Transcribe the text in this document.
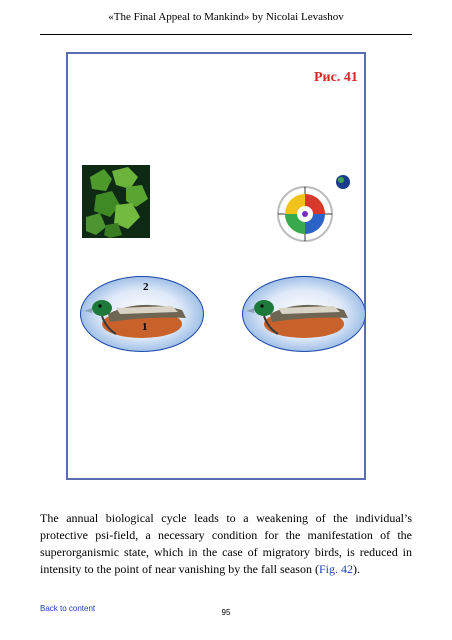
«The Final Appeal to Mankind» by Nicolai Levashov
Рис. 41
2
1

The annual biological cycle leads to a weakening of the individual’s protective psi-field, a necessary condition for the manifestation of the superorganismic state, which in the case of migratory birds, is reduced in intensity to the point of near vanishing by the fall season (Fig. 42).

Back to content	95
